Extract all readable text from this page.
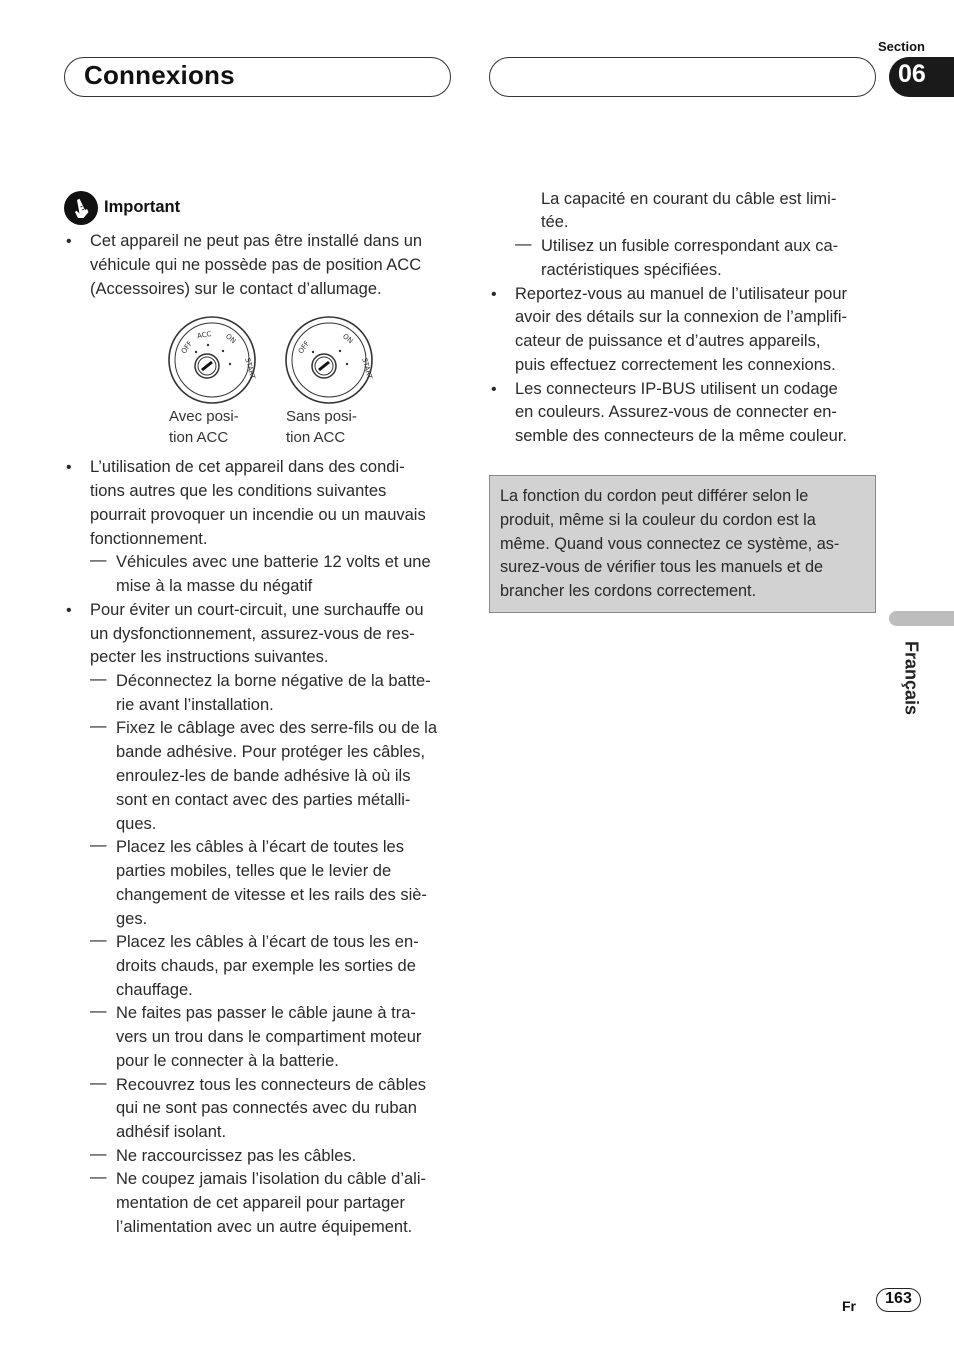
Connexions
Section
06
Français
Important
• Cet appareil ne peut pas être installé dans un
véhicule qui ne possède pas de position ACC
(Accessoires) sur le contact d’allumage.
OFF
ACC ON
START
OFF
ON
START
Avec posi-
tion ACC
Sans posi-
tion ACC
• L’utilisation de cet appareil dans des condi-
tions autres que les conditions suivantes
pourrait provoquer un incendie ou un mauvais
fonctionnement.
— Véhicules avec une batterie 12 volts et une
mise à la masse du négatif
• Pour éviter un court-circuit, une surchauffe ou
un dysfonctionnement, assurez-vous de res-
pecter les instructions suivantes.
— Déconnectez la borne négative de la batte-
rie avant l’installation.
— Fixez le câblage avec des serre-fils ou de la
bande adhésive. Pour protéger les câbles,
enroulez-les de bande adhésive là où ils
sont en contact avec des parties métalli-
ques.
— Placez les câbles à l’écart de toutes les
parties mobiles, telles que le levier de
changement de vitesse et les rails des siè-
ges.
— Placez les câbles à l’écart de tous les en-
droits chauds, par exemple les sorties de
chauffage.
— Ne faites pas passer le câble jaune à tra-
vers un trou dans le compartiment moteur
pour le connecter à la batterie.
— Recouvrez tous les connecteurs de câbles
qui ne sont pas connectés avec du ruban
adhésif isolant.
— Ne raccourcissez pas les câbles.
— Ne coupez jamais l’isolation du câble d’ali-
mentation de cet appareil pour partager
l’alimentation avec un autre équipement.
La capacité en courant du câble est limi-
tée.
— Utilisez un fusible correspondant aux ca-
ractéristiques spécifiées.
• Reportez-vous au manuel de l’utilisateur pour
avoir des détails sur la connexion de l’amplifi-
cateur de puissance et d’autres appareils,
puis effectuez correctement les connexions.
• Les connecteurs IP-BUS utilisent un codage
en couleurs. Assurez-vous de connecter en-
semble des connecteurs de la même couleur.
La fonction du cordon peut différer selon le
produit, même si la couleur du cordon est la
même. Quand vous connectez ce système, as-
surez-vous de vérifier tous les manuels et de
brancher les cordons correctement.
Fr	163
